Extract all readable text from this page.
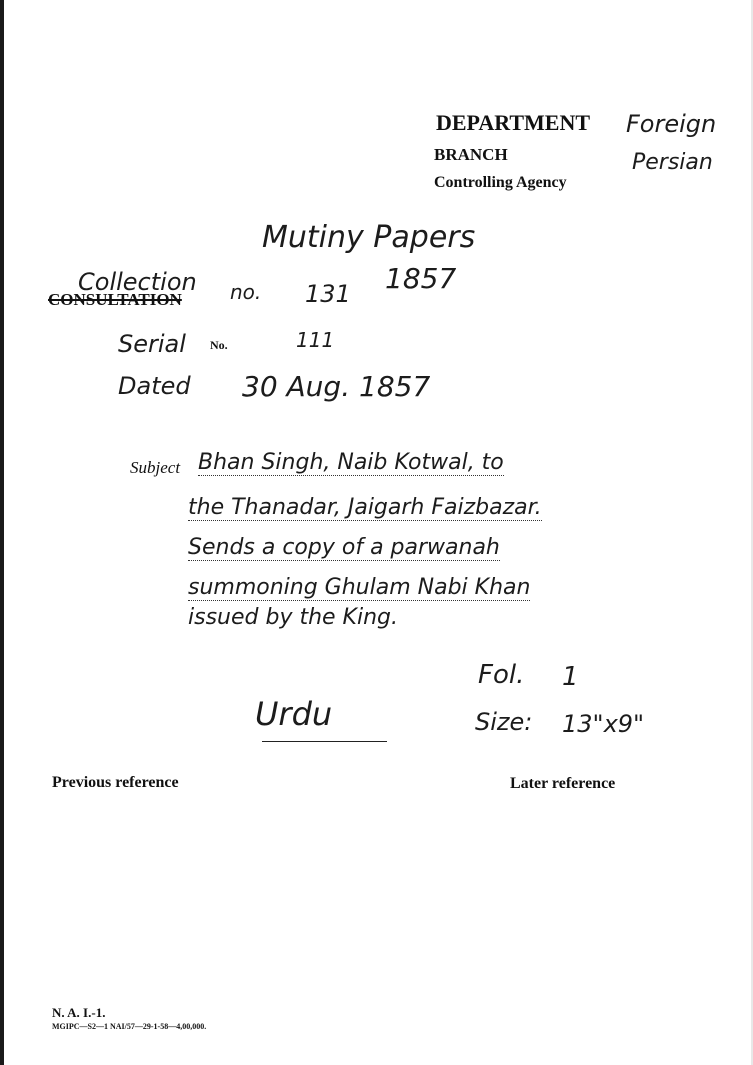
DEPARTMENT Foreign
BRANCH	Persian
Controlling Agency
Mutiny Papers
1857
Collection
CONSULTATION no. 131
Serial No.	111
Dated 30 Aug. 1857
Subject Bhan Singh, Naib Kotwal, to
the Thanadar, Jaigarh Faizbazar.
Sends a copy of a parwanah
summoning Ghulam Nabi Khan
issued by the King.
Fol. 1
Urdu	Size: 13"x9"
Previous reference	Later reference
N. A. I.-1.
MGIPC—S2—1 NAI/57—29-1-58—4,00,000.
